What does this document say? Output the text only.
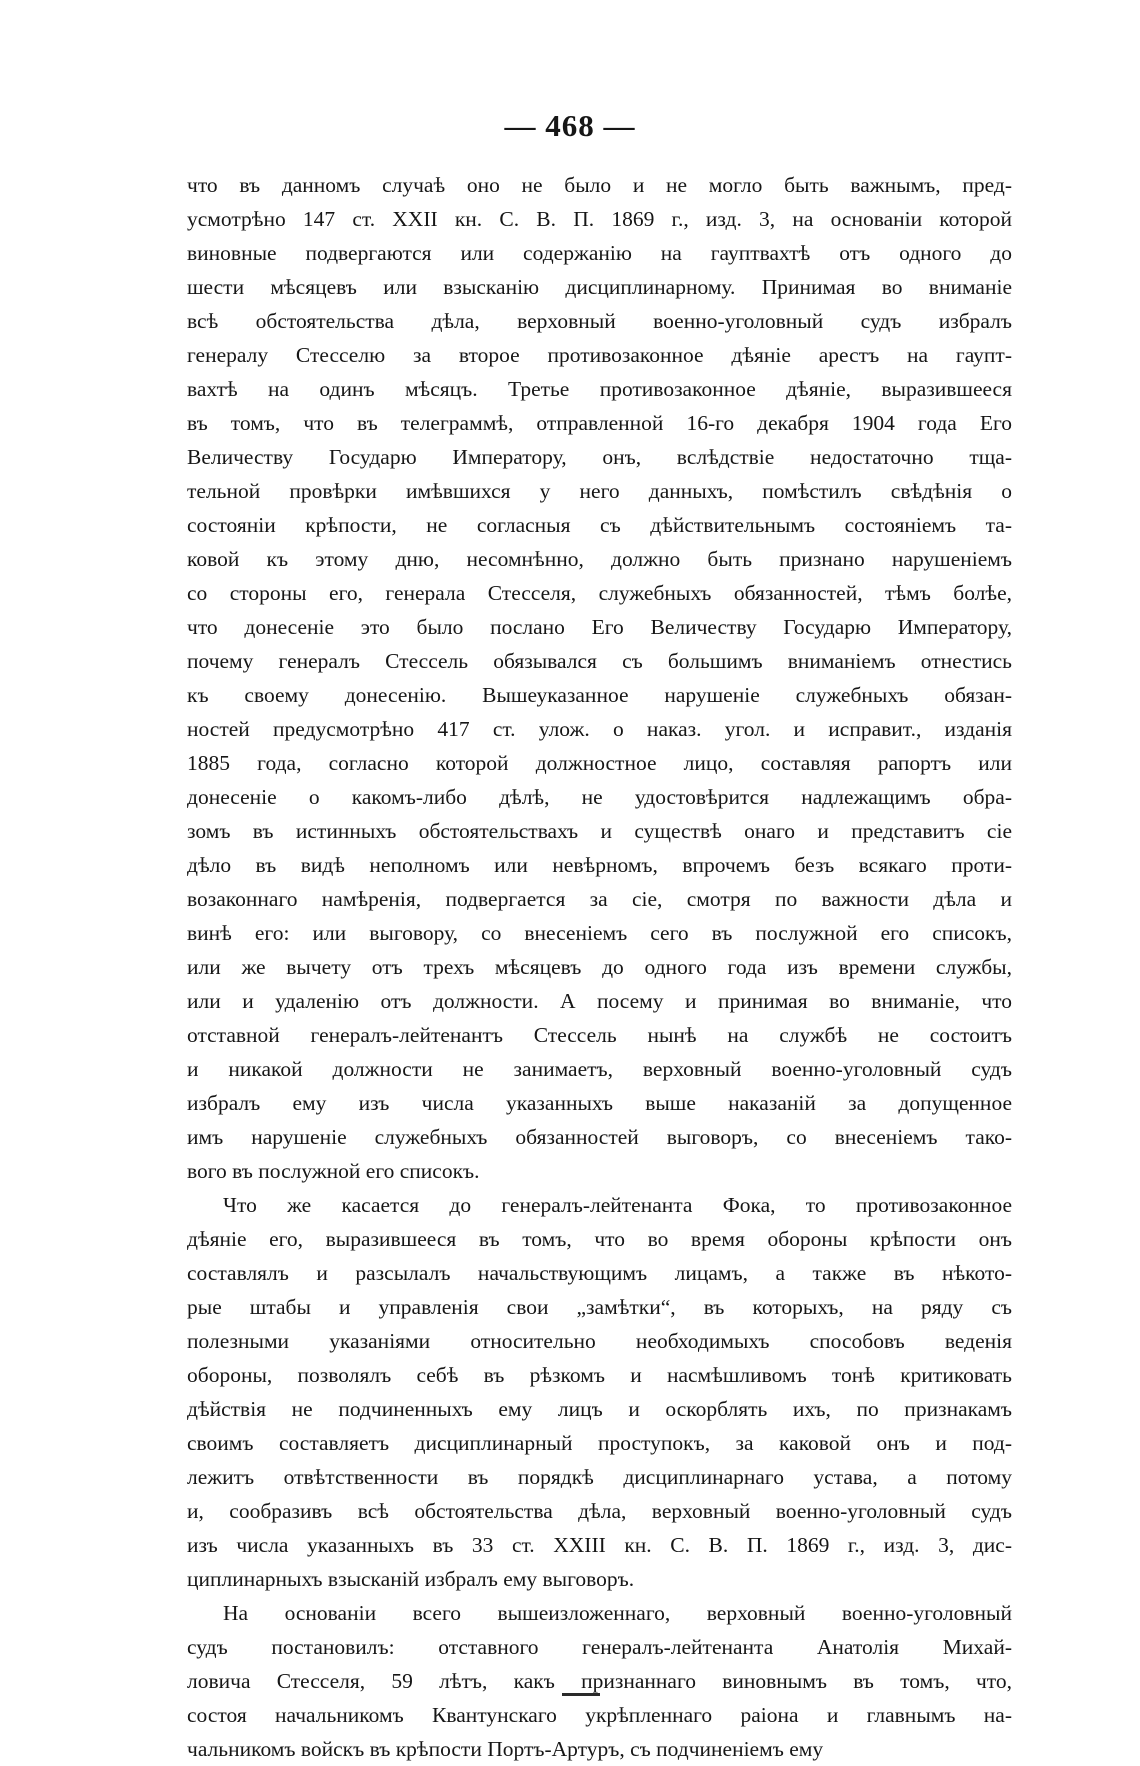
— 468 —
что въ данномъ случаѣ оно не было и не могло быть важнымъ, пред-
усмотрѣно 147 ст. XXII кн. С. В. П. 1869 г., изд. 3, на основаніи которой
виновные подвергаются или содержанію на гауптвахтѣ отъ одного до
шести мѣсяцевъ или взысканію дисциплинарному. Принимая во вниманіе
всѣ обстоятельства дѣла, верховный военно-уголовный судъ избралъ
генералу Стесселю за второе противозаконное дѣяніе арестъ на гаупт-
вахтѣ на одинъ мѣсяцъ. Третье противозаконное дѣяніе, выразившееся
въ томъ, что въ телеграммѣ, отправленной 16-го декабря 1904 года Его
Величеству Государю Императору, онъ, вслѣдствіе недостаточно тща-
тельной провѣрки имѣвшихся у него данныхъ, помѣстилъ свѣдѣнія о
состояніи крѣпости, не согласныя съ дѣйствительнымъ состояніемъ та-
ковой къ этому дню, несомнѣнно, должно быть признано нарушеніемъ
со стороны его, генерала Стесселя, служебныхъ обязанностей, тѣмъ болѣе,
что донесеніе это было послано Его Величеству Государю Императору,
почему генералъ Стессель обязывался съ большимъ вниманіемъ отнестись
къ своему донесенію. Вышеуказанное нарушеніе служебныхъ обязан-
ностей предусмотрѣно 417 ст. улож. о наказ. угол. и исправит., изданія
1885 года, согласно которой должностное лицо, составляя рапортъ или
донесеніе о какомъ-либо дѣлѣ, не удостовѣрится надлежащимъ обра-
зомъ въ истинныхъ обстоятельствахъ и существѣ онаго и представитъ сіе
дѣло въ видѣ неполномъ или невѣрномъ, впрочемъ безъ всякаго проти-
возаконнаго намѣренія, подвергается за сіе, смотря по важности дѣла и
винѣ его: или выговору, со внесеніемъ сего въ послужной его списокъ,
или же вычету отъ трехъ мѣсяцевъ до одного года изъ времени службы,
или и удаленію отъ должности. А посему и принимая во вниманіе, что
отставной генералъ-лейтенантъ Стессель нынѣ на службѣ не состоитъ
и никакой должности не занимаетъ, верховный военно-уголовный судъ
избралъ ему изъ числа указанныхъ выше наказаній за допущенное
имъ нарушеніе служебныхъ обязанностей выговоръ, со внесеніемъ тако-
вого въ послужной его списокъ.
Что же касается до генералъ-лейтенанта Фока, то противозаконное
дѣяніе его, выразившееся въ томъ, что во время обороны крѣпости онъ
составлялъ и разсылалъ начальствующимъ лицамъ, а также въ нѣкото-
рые штабы и управленія свои „замѣтки“, въ которыхъ, на ряду съ
полезными указаніями относительно необходимыхъ способовъ веденія
обороны, позволялъ себѣ въ рѣзкомъ и насмѣшливомъ тонѣ критиковать
дѣйствія не подчиненныхъ ему лицъ и оскорблять ихъ, по признакамъ
своимъ составляетъ дисциплинарный проступокъ, за каковой онъ и под-
лежитъ отвѣтственности въ порядкѣ дисциплинарнаго устава, а потому
и, сообразивъ всѣ обстоятельства дѣла, верховный военно-уголовный судъ
изъ числа указанныхъ въ 33 ст. XXIII кн. С. В. П. 1869 г., изд. 3, дис-
циплинарныхъ взысканій избралъ ему выговоръ.
На основаніи всего вышеизложеннаго, верховный военно-уголовный
судъ постановилъ: отставного генералъ-лейтенанта Анатолія Михай-
ловича Стесселя, 59 лѣтъ, какъ признаннаго виновнымъ въ томъ, что,
состоя начальникомъ Квантунскаго укрѣпленнаго раіона и главнымъ на-
чальникомъ войскъ въ крѣпости Портъ-Артуръ, съ подчиненіемъ ему
